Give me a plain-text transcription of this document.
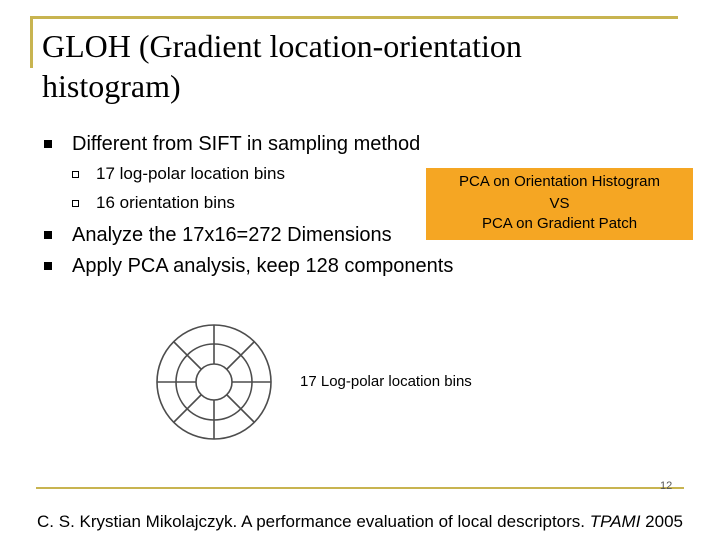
GLOH (Gradient location-orientation
histogram)
Different from SIFT in sampling method
17 log-polar location bins
16 orientation bins
Analyze the 17x16=272 Dimensions
Apply PCA analysis, keep 128 components
PCA on Orientation Histogram
VS
PCA on Gradient Patch
17 Log-polar location bins
12
C. S. Krystian Mikolajczyk. A performance evaluation of local descriptors. TPAMI 2005
